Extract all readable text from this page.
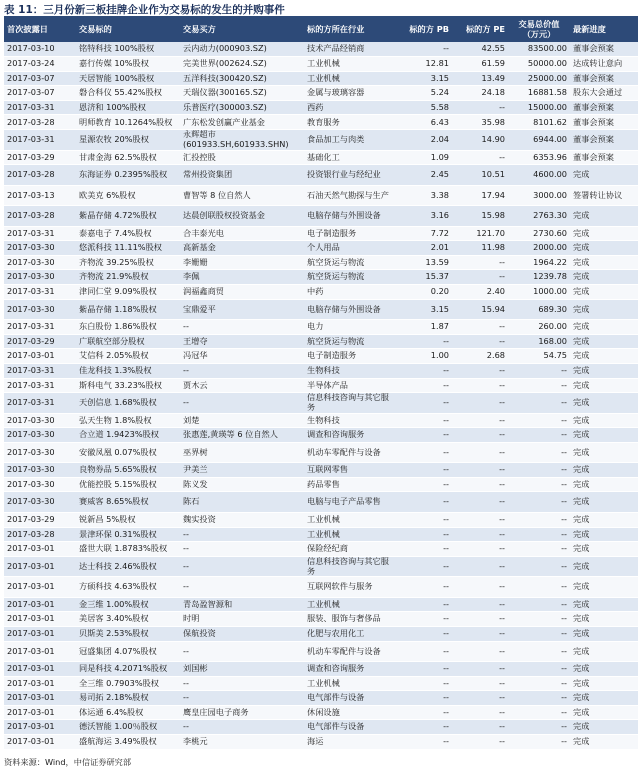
表 11：三月份新三板挂牌企业作为交易标的发生的并购事件
首次披露日	交易标的	交易买方	标的方所在行业	标的方 PB	标的方 PE	交易总价值（万元）	最新进度
2017-03-10	铭特科技 100%股权	云内动力(000903.SZ)	技术产品经销商	--	42.55	83500.00	董事会预案
2017-03-24	嘉行传媒 10%股权	完美世界(002624.SZ)	工业机械	12.81	61.59	50000.00	达成转让意向
2017-03-07	天居智能 100%股权	五洋科技(300420.SZ)	工业机械	3.15	13.49	25000.00	董事会预案
2017-03-07	磐合科仪 55.42%股权	天瑞仪器(300165.SZ)	金属与玻璃容器	5.24	24.18	16881.58	股东大会通过
2017-03-31	恩济和 100%股权	乐普医疗(300003.SZ)	西药	5.58	--	15000.00	董事会预案
2017-03-28	明师教育 10.1264%股权	广东松发创赢产业基金	教育服务	6.43	35.98	8101.62	董事会预案
2017-03-31	星源农牧 20%股权	永辉超市(601933.SH,601933.SHN)	食品加工与肉类	2.04	14.90	6944.00	董事会预案
2017-03-29	甘肃金海 62.5%股权	汇投控股	基础化工	1.09	--	6353.96	董事会预案
2017-03-28	东海证券 0.2395%股权	常州投资集团	投资银行业与经纪业	2.45	10.51	4600.00	完成
2017-03-13	欧美克 6%股权	曹智等 8 位自然人	石油天然气勘探与生产	3.38	17.94	3000.00	签署转让协议
2017-03-28	紫晶存储 4.72%股权	达晨创联股权投资基金	电脑存储与外围设备	3.16	15.98	2763.30	完成
2017-03-31	泰嘉电子 7.4%股权	合丰泰光电	电子制造服务	7.72	121.70	2730.60	完成
2017-03-30	悠派科技 11.11%股权	高新基金	个人用品	2.01	11.98	2000.00	完成
2017-03-30	齐物流 39.25%股权	李姗姗	航空货运与物流	13.59	--	1964.22	完成
2017-03-30	齐物流 21.9%股权	李佩	航空货运与物流	15.37	--	1239.78	完成
2017-03-31	津同仁堂 9.09%股权	润福鑫商贸	中药	0.20	2.40	1000.00	完成
2017-03-30	紫晶存储 1.18%股权	宝鼎爱平	电脑存储与外围设备	3.15	15.94	689.30	完成
2017-03-31	东白股份 1.86%股权	--	电力	1.87	--	260.00	完成
2017-03-29	广联航空部分股权	王增夺	航空货运与物流	--	--	168.00	完成
2017-03-01	艾信科 2.05%股权	冯冠华	电子制造服务	1.00	2.68	54.75	完成
2017-03-31	佳龙科技 1.3%股权	--	生物科技	--	--	--	完成
2017-03-31	斯科电气 33.23%股权	贾木云	半导体产品	--	--	--	完成
2017-03-31	天创信息 1.68%股权	--	信息科技咨询与其它服务	--	--	--	完成
2017-03-30	弘天生物 1.8%股权	刘楚	生物科技	--	--	--	完成
2017-03-30	合立道 1.9423%股权	张惠莲,黄瑛等 6 位自然人	调查和咨询服务	--	--	--	完成
2017-03-30	安徽凤凰 0.07%股权	巫界树	机动车零配件与设备	--	--	--	完成
2017-03-30	良物券品 5.65%股权	尹美兰	互联网零售	--	--	--	完成
2017-03-30	优能控股 5.15%股权	陈义发	药品零售	--	--	--	完成
2017-03-30	赛威客 8.65%股权	陈石	电脑与电子产品零售	--	--	--	完成
2017-03-29	锐新昌 5%股权	魏实投资	工业机械	--	--	--	完成
2017-03-28	景津环保 0.31%股权	--	工业机械	--	--	--	完成
2017-03-01	盛世大联 1.8783%股权	--	保险经纪商	--	--	--	完成
2017-03-01	达士科技 2.46%股权	--	信息科技咨询与其它服务	--	--	--	完成
2017-03-01	方硕科技 4.63%股权	--	互联网软件与服务	--	--	--	完成
2017-03-01	金三维 1.00%股权	青岛盈智源和	工业机械	--	--	--	完成
2017-03-01	美居客 3.40%股权	时明	服装、服饰与奢侈品	--	--	--	完成
2017-03-01	贝斯美 2.53%股权	保航投资	化肥与农用化工	--	--	--	完成
2017-03-01	冠盛集团 4.07%股权	--	机动车零配件与设备	--	--	--	完成
2017-03-01	同是科技 4.2071%股权	刘国彬	调查和咨询服务	--	--	--	完成
2017-03-01	全三维 0.7903%股权	--	工业机械	--	--	--	完成
2017-03-01	易司拓 2.18%股权	--	电气部件与设备	--	--	--	完成
2017-03-01	体运通 6.4%股权	鹰皇庄园电子商务	休闲设施	--	--	--	完成
2017-03-01	德沃智能 1.00％股权	--	电气部件与设备	--	--	--	完成
2017-03-01	盛航海运 3.49%股权	李桃元	海运	--	--	--	完成
资料来源：Wind，中信证券研究部
